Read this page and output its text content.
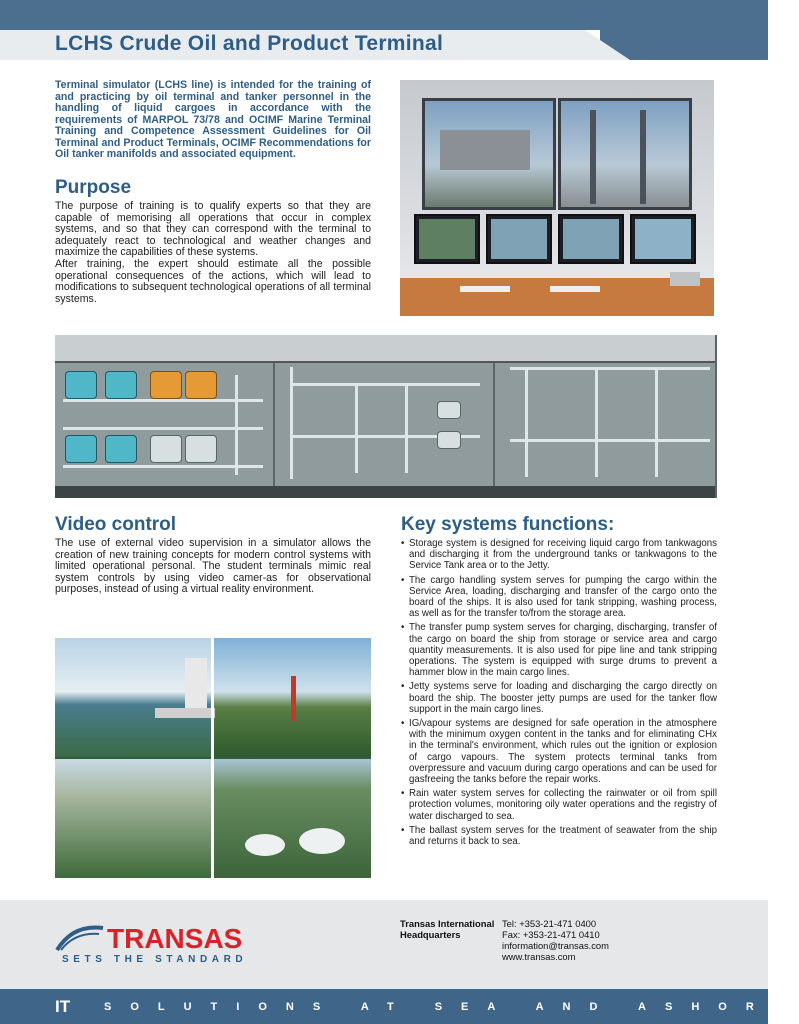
LCHS Crude Oil and Product Terminal
Terminal simulator (LCHS line) is intended for the training of and practicing by oil terminal and tanker personnel in the handling of liquid cargoes in accordance with the requirements of MARPOL 73/78 and OCIMF Marine Terminal Training and Competence Assessment Guidelines for Oil Terminal and Product Terminals, OCIMF Recommendations for Oil tanker manifolds and associated equipment.
Purpose

The purpose of training is to qualify experts so that they are capable of memorising all operations that occur in complex systems, and so that they can correspond with the terminal to adequately react to technological and weather changes and maximize the capabilities of these systems.

After training, the expert should estimate all the possible operational consequences of the actions, which will lead to modifications to subsequent technological operations of all terminal systems.

Video control
The use of external video supervision in a simulator allows the creation of new training concepts for modern control systems with limited operational personal. The student terminals mimic real system controls by using video camer-as for observational purposes, instead of using a virtual reality environment.
Key systems functions:
• Storage system is designed for receiving liquid cargo from tankwagons and discharging it from the underground tanks or tankwagons to the Service Tank area or to the Jetty.
• The cargo handling system serves for pumping the cargo within the Service Area, loading, discharging and transfer of the cargo onto the board of the ships. It is also used for tank stripping, washing process, as well as for the transfer to/from the storage area.
• The transfer pump system serves for charging, discharging, transfer of the cargo on board the ship from storage or service area and cargo quantity measurements. It is also used for pipe line and tank stripping operations. The system is equipped with surge drums to prevent a hammer blow in the main cargo lines.
• Jetty systems serve for loading and discharging the cargo directly on board the ship. The booster jetty pumps are used for the tanker flow support in the main cargo lines.
• IG/vapour systems are designed for safe operation in the atmosphere with the minimum oxygen content in the tanks and for eliminating CHx in the terminal's environment, which rules out the ignition or explosion of cargo vapours. The system protects terminal tanks from overpressure and vacuum during cargo operations and can be used for gasfreeing the tanks before the repair works.
• Rain water system serves for collecting the rainwater or oil from spill protection volumes, monitoring oily water operations and the registry of water discharged to sea.
• The ballast system serves for the treatment of seawater from the ship and returns it back to sea.
TRANSAS
SETS THE STANDARD
Transas International
Headquarters
Tel: +353-21-471 0400
Fax: +353-21-471 0410
information@transas.com
www.transas.com
IT	SOLUTIONS AT SEA AND ASHORE
